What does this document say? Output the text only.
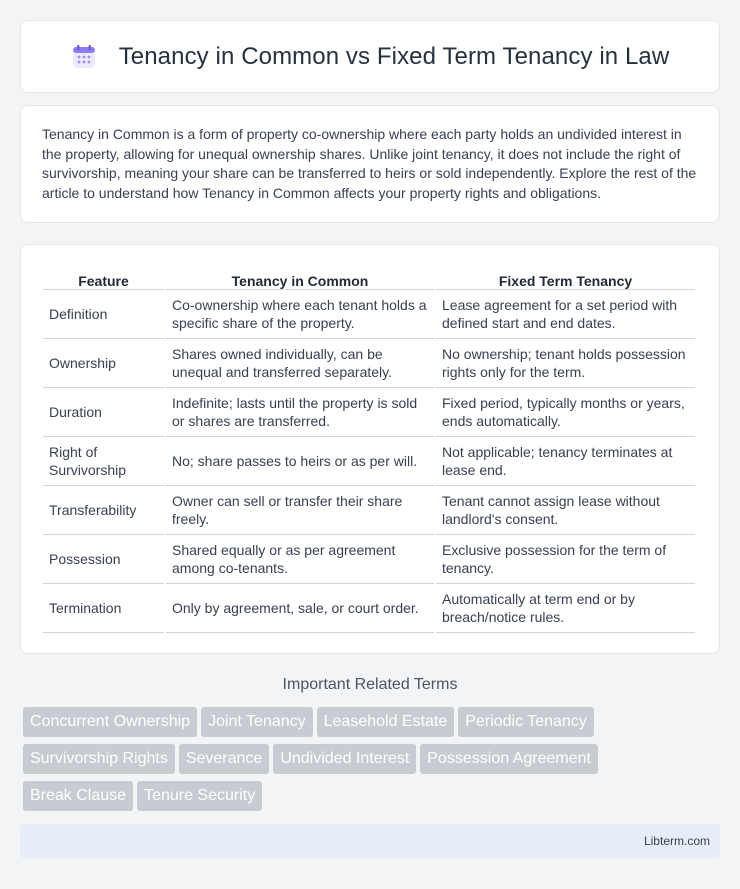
Tenancy in Common vs Fixed Term Tenancy in Law

Tenancy in Common is a form of property co-ownership where each party holds an undivided interest in the property, allowing for unequal ownership shares. Unlike joint tenancy, it does not include the right of survivorship, meaning your share can be transferred to heirs or sold independently. Explore the rest of the article to understand how Tenancy in Common affects your property rights and obligations.

Feature	Tenancy in Common	Fixed Term Tenancy
Definition	Co-ownership where each tenant holds a specific share of the property.	Lease agreement for a set period with defined start and end dates.
Ownership	Shares owned individually, can be unequal and transferred separately.	No ownership; tenant holds possession rights only for the term.
Duration	Indefinite; lasts until the property is sold or shares are transferred.	Fixed period, typically months or years, ends automatically.
Right of Survivorship	No; share passes to heirs or as per will.	Not applicable; tenancy terminates at lease end.
Transferability	Owner can sell or transfer their share freely.	Tenant cannot assign lease without landlord's consent.
Possession	Shared equally or as per agreement among co-tenants.	Exclusive possession for the term of tenancy.
Termination	Only by agreement, sale, or court order.	Automatically at term end or by breach/notice rules.
Important Related Terms
Concurrent Ownership Joint Tenancy Leasehold Estate Periodic Tenancy
Survivorship Rights Severance Undivided Interest Possession Agreement
Break Clause Tenure Security
Libterm.com
